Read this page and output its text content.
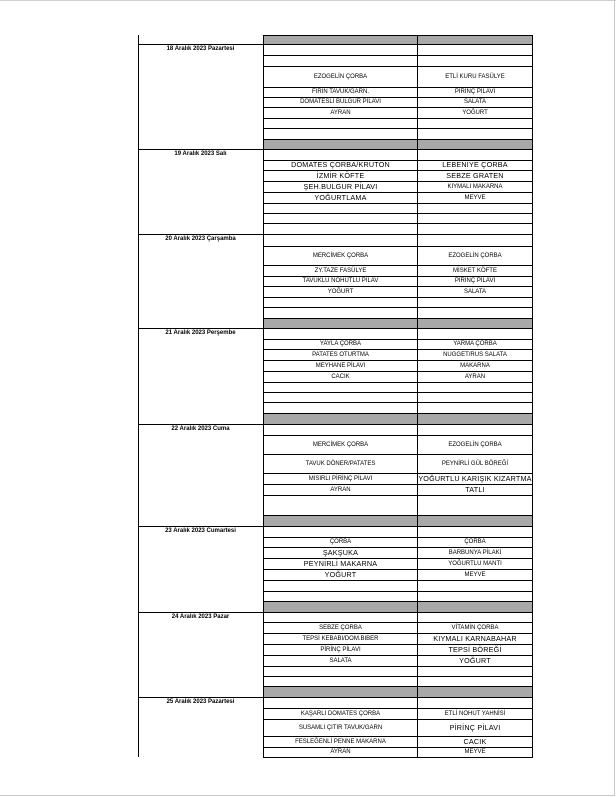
18 Aralık 2023 Pazartesi
EZOGELİN ÇORBA	ETLİ KURU FASÜLYE
FIRIN TAVUK/GARN.	PİRİNÇ PİLAVI
DOMATESLİ BULGUR PİLAVI	SALATA
AYRAN	YOĞURT
19 Aralık 2023 Salı
DOMATES ÇORBA/KRUTON	LEBENİYE ÇORBA
İZMİR KÖFTE	SEBZE GRATEN
ŞEH.BULGUR PİLAVI	KIYMALI MAKARNA
YOĞURTLAMA	MEYVE
20 Aralık 2023 Çarşamba
MERCİMEK ÇORBA	EZOGELİN ÇORBA
ZY.TAZE FASÜLYE	MİSKET KÖFTE
TAVUKLU NOHUTLU PİLAV	PİRİNÇ PİLAVI
YOĞURT	SALATA
21 Aralık 2023 Perşembe
YAYLA ÇORBA	YARMA ÇORBA
PATATES OTURTMA	NUGGET/RUS SALATA
MEYHANE PİLAVI	MAKARNA
CACIK	AYRAN
22 Aralık 2023 Cuma
MERCİMEK ÇORBA	EZOGELİN ÇORBA
TAVUK DÖNER/PATATES	PEYNİRLİ GÜL BÖREĞİ
MISIRLI PİRİNÇ PİLAVI	YOĞURTLU KARIŞIK KIZARTMA
AYRAN	TATLI
23 Aralık 2023 Cumartesi
ÇORBA	ÇORBA
ŞAKŞUKA	BARBUNYA PİLAKİ
PEYNİRLİ MAKARNA	YOĞURTLU MANTI
YOĞURT	MEYVE
24 Aralık 2023 Pazar
SEBZE ÇORBA	VİTAMİN ÇORBA
TEPSİ KEBABI/DOM.BIBER	KIYMALI KARNABAHAR
PİRİNÇ PİLAVI	TEPSİ BÖREĞİ
SALATA	YOĞURT
25 Aralık 2023 Pazartesi
KAŞARLI DOMATES ÇORBA	ETLİ NOHUT YAHNİSİ
SUSAMLI ÇITIR TAVUK/GARN	PİRİNÇ PİLAVI
FESLEĞENLİ PENNE MAKARNA	CACIK
AYRAN	MEYVE
